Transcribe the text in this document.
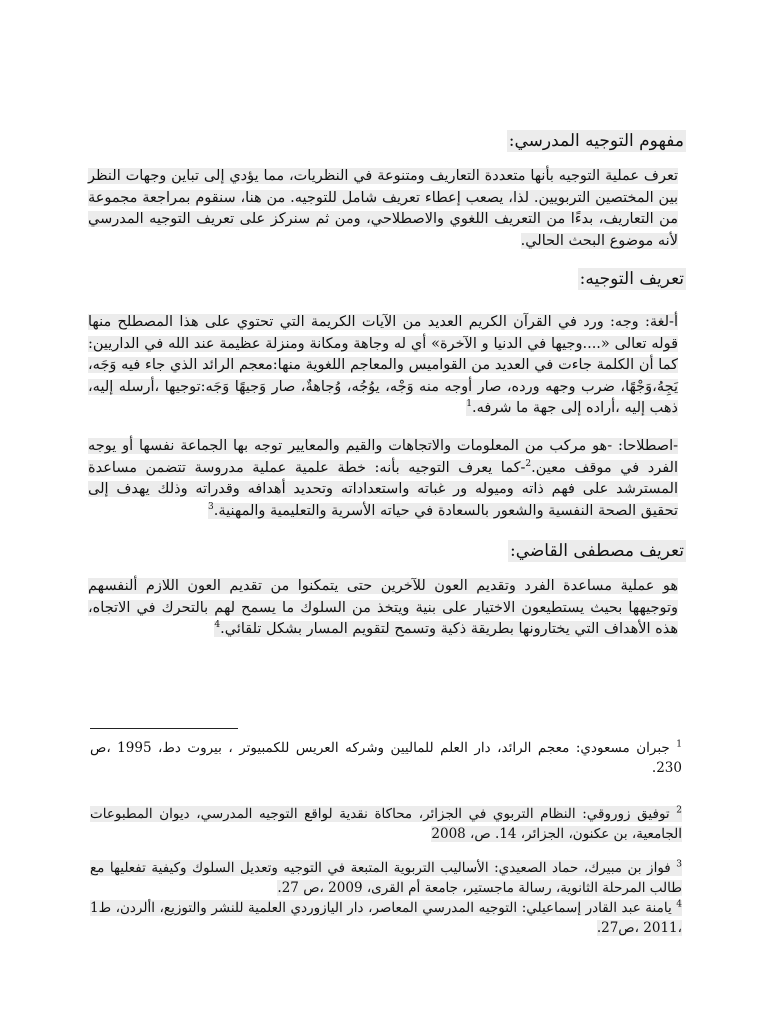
مفهوم التوجيه المدرسي:
تعرف عملية التوجيه بأنها متعددة التعاريف ومتنوعة في النظريات، مما يؤدي إلى تباين وجهات النظر بين المختصين التربويين. لذا، يصعب إعطاء تعريف شامل للتوجيه. من هنا، سنقوم بمراجعة مجموعة من التعاريف، بدءًا من التعريف اللغوي والاصطلاحي، ومن ثم سنركز على تعريف التوجيه المدرسي لأنه موضوع البحث الحالي.
تعريف التوجيه:
أ-لغة: وجه: ورد في القرآن الكريم العديد من الآيات الكريمة التي تحتوي على هذا المصطلح منها قوله تعالى «....وجيها في الدنيا و الآخرة» أي له وجاهة ومكانة ومنزلة عظيمة عند الله في الداريين: كما أن الكلمة جاءت في العديد من القواميس والمعاجم اللغوية منها:معجم الرائد الذي جاء فيه وَجَه، يَجِهُ،وَجْهًا، ضرب وجهه ورده، صار أوجه منه وَجْه، يوُجُه، وُجاهةٌ، صار وَجيهًا وَجَه:توجيها ،أرسله إليه، ذهب إليه ،أراده إلى جهة ما شرفه.$^1$
-اصطلاحا: -هو مركب من المعلومات والاتجاهات والقيم والمعايير توجه بها الجماعة نفسها أو يوجه الفرد في موقف معين.$^2$-كما يعرف التوجيه بأنه: خطة علمية عملية مدروسة تتضمن مساعدة المسترشد على فهم ذاته وميوله ور غباته واستعداداته وتحديد أهدافه وقدراته وذلك يهدف إلى تحقيق الصحة النفسية والشعور بالسعادة في حياته الأسرية والتعليمية والمهنية.$^3$
تعريف مصطفى القاضي:
هو عملية مساعدة الفرد وتقديم العون للآخرين حتى يتمكنوا من تقديم العون اللازم ألنفسهم وتوجيهها بحيث يستطيعون الاختيار على بنية ويتخذ من السلوك ما يسمح لهم بالتحرك في الاتجاه، هذه الأهداف التي يختارونها بطريقة ذكية وتسمح لتقويم المسار بشكل تلقائي.$^4$
$^1$ جبران مسعودي: معجم الرائد، دار العلم للماليين وشركه العريس للكمبيوتر ، بيروت دط، 1995 ،ص 230.
$^2$ توفيق زوروقي: النظام التربوي في الجزائر، محاكاة نقدية لواقع التوجيه المدرسي، ديوان المطبوعات الجامعية، بن عكنون، الجزائر، 14. ص، 2008
$^3$ فواز بن مبيرك، حماد الصعيدي: الأساليب التربوية المتبعة في التوجيه وتعديل السلوك وكيفية تفعليها مع طالب المرحلة الثانوية، رسالة ماجستير، جامعة أم القرى، 2009 ،ص 27.
$^4$ يامنة عبد القادر إسماعيلي: التوجيه المدرسي المعاصر، دار اليازوردي العلمية للنشر والتوزيع، األردن، ط1 ،2011 ،ص27.
